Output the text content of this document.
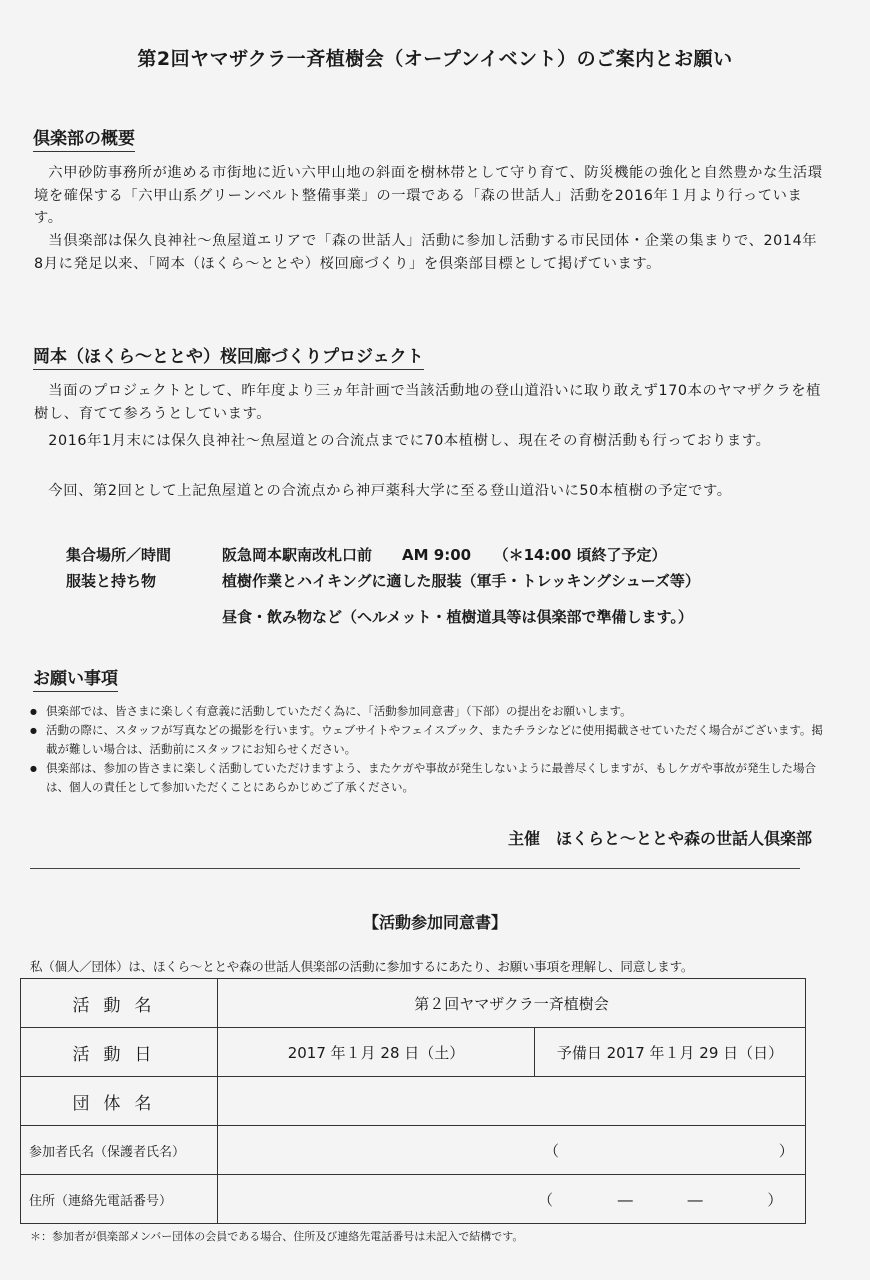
第2回ヤマザクラ一斉植樹会（オープンイベント）のご案内とお願い
倶楽部の概要
六甲砂防事務所が進める市街地に近い六甲山地の斜面を樹林帯として守り育て、防災機能の強化と自然豊かな生活環境を確保する「六甲山系グリーンベルト整備事業」の一環である「森の世話人」活動を2016年１月より行っています。
当倶楽部は保久良神社～魚屋道エリアで「森の世話人」活動に参加し活動する市民団体・企業の集まりで、2014年8月に発足以来、「岡本（ほくら～ととや）桜回廊づくり」を倶楽部目標として掲げています。
岡本（ほくら～ととや）桜回廊づくりプロジェクト
当面のプロジェクトとして、昨年度より三ヵ年計画で当該活動地の登山道沿いに取り敢えず170本のヤマザクラを植樹し、育てて参ろうとしています。
2016年1月末には保久良神社～魚屋道との合流点までに70本植樹し、現在その育樹活動も行っております。
今回、第2回として上記魚屋道との合流点から神戸薬科大学に至る登山道沿いに50本植樹の予定です。
集合場所／時間	阪急岡本駅南改札口前　　AM 9:00　　（＊14:00 頃終了予定）
服装と持ち物	植樹作業とハイキングに適した服装（軍手・トレッキングシューズ等）
昼食・飲み物など（ヘルメット・植樹道具等は倶楽部で準備します。）
お願い事項
● 倶楽部では、皆さまに楽しく有意義に活動していただく為に、「活動参加同意書」（下部）の提出をお願いします。
● 活動の際に、スタッフが写真などの撮影を行います。ウェブサイトやフェイスブック、またチラシなどに使用掲載させていただく場合がございます。掲載が難しい場合は、活動前にスタッフにお知らせください。
● 倶楽部は、参加の皆さまに楽しく活動していただけますよう、またケガや事故が発生しないように最善尽くしますが、もしケガや事故が発生した場合は、個人の責任として参加いただくことにあらかじめご了承ください。
主催　ほくらと～ととや森の世話人倶楽部
【活動参加同意書】
私（個人／団体）は、ほくら～ととや森の世話人倶楽部の活動に参加するにあたり、お願い事項を理解し、同意します。
活動名	第２回ヤマザクラ一斉植樹会	
活動日	2017 年１月 28 日（土）	予備日 2017 年１月 29 日（日）
団体名		
参加者氏名（保護者氏名）	（ ）	
住所（連絡先電話番号）	（ ― ― ）	
＊：参加者が倶楽部メンバー団体の会員である場合、住所及び連絡先電話番号は未記入で結構です。
